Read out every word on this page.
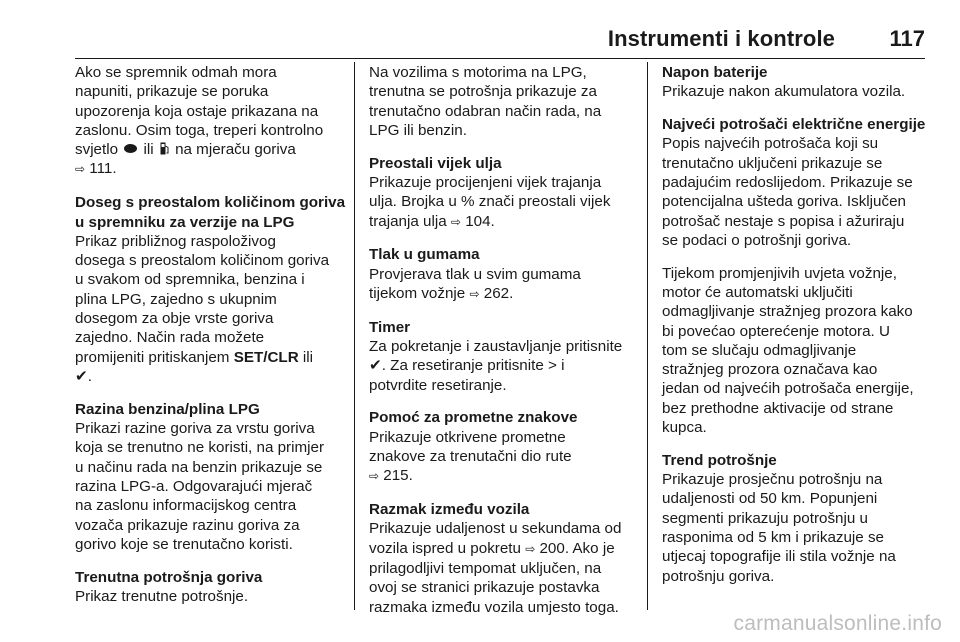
Instrumenti i kontrole 117
Ako se spremnik odmah mora
napuniti, prikazuje se poruka
upozorenja koja ostaje prikazana na
zaslonu. Osim toga, treperi kontrolno
svjetlo  ili  na mjeraču goriva
⇨ 111.
Doseg s preostalom količinom goriva
u spremniku za verzije na LPG
Prikaz približnog raspoloživog
dosega s preostalom količinom goriva
u svakom od spremnika, benzina i
plina LPG, zajedno s ukupnim
dosegom za obje vrste goriva
zajedno. Način rada možete
promijeniti pritiskanjem SET/CLR ili
✔.
Razina benzina/plina LPG
Prikazi razine goriva za vrstu goriva
koja se trenutno ne koristi, na primjer
u načinu rada na benzin prikazuje se
razina LPG-a. Odgovarajući mjerač
na zaslonu informacijskog centra
vozača prikazuje razinu goriva za
gorivo koje se trenutačno koristi.
Trenutna potrošnja goriva
Prikaz trenutne potrošnje.
Na vozilima s motorima na LPG,
trenutna se potrošnja prikazuje za
trenutačno odabran način rada, na
LPG ili benzin.
Preostali vijek ulja
Prikazuje procijenjeni vijek trajanja
ulja. Brojka u % znači preostali vijek
trajanja ulja ⇨ 104.
Tlak u gumama
Provjerava tlak u svim gumama
tijekom vožnje ⇨ 262.
Timer
Za pokretanje i zaustavljanje pritisnite
✔. Za resetiranje pritisnite > i
potvrdite resetiranje.
Pomoć za prometne znakove
Prikazuje otkrivene prometne
znakove za trenutačni dio rute
⇨ 215.
Razmak između vozila
Prikazuje udaljenost u sekundama od
vozila ispred u pokretu ⇨ 200. Ako je
prilagodljivi tempomat uključen, na
ovoj se stranici prikazuje postavka
razmaka između vozila umjesto toga.
Napon baterije
Prikazuje nakon akumulatora vozila.
Najveći potrošači električne energije
Popis najvećih potrošača koji su
trenutačno uključeni prikazuje se
padajućim redoslijedom. Prikazuje se
potencijalna ušteda goriva. Isključen
potrošač nestaje s popisa i ažuriraju
se podaci o potrošnji goriva.
Tijekom promjenjivih uvjeta vožnje,
motor će automatski uključiti
odmagljivanje stražnjeg prozora kako
bi povećao opterećenje motora. U
tom se slučaju odmagljivanje
stražnjeg prozora označava kao
jedan od najvećih potrošača energije,
bez prethodne aktivacije od strane
kupca.
Trend potrošnje
Prikazuje prosječnu potrošnju na
udaljenosti od 50 km. Popunjeni
segmenti prikazuju potrošnju u
rasponima od 5 km i prikazuje se
utjecaj topografije ili stila vožnje na
potrošnju goriva.
carmanualsonline.info
